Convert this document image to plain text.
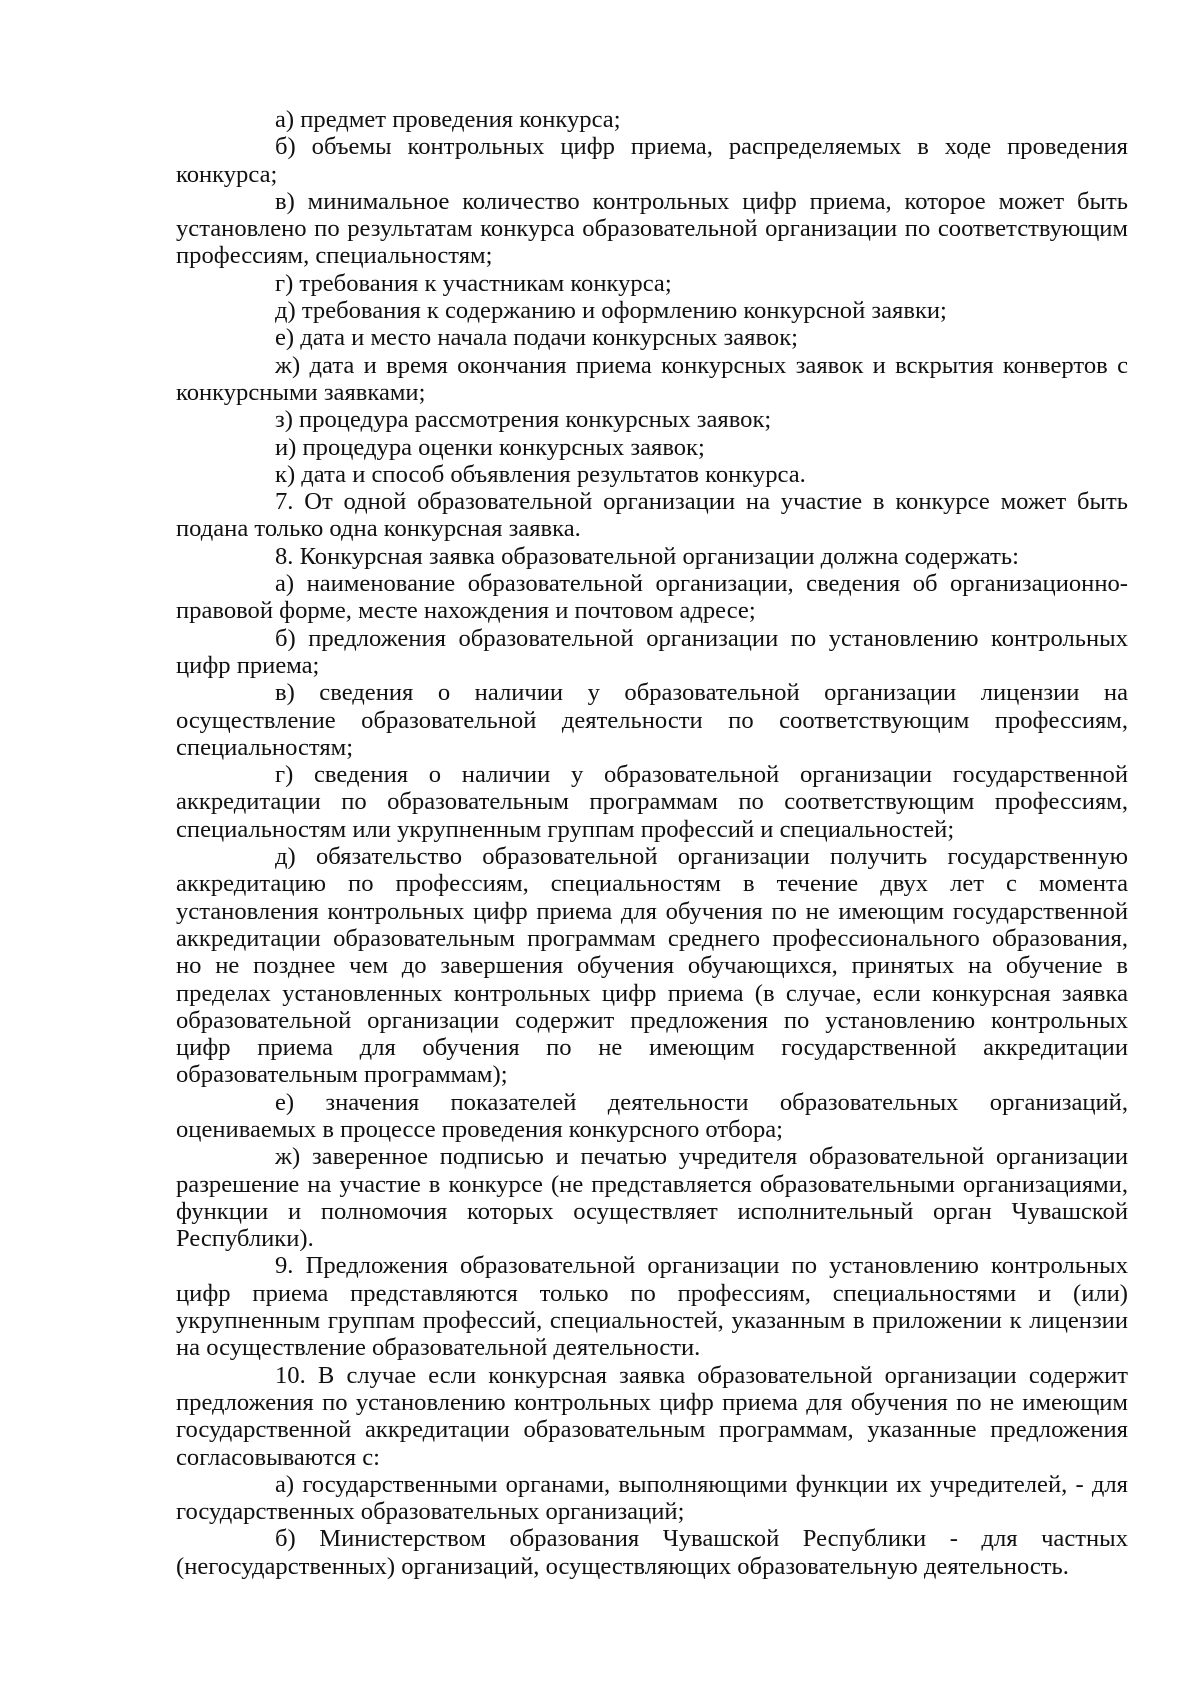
а) предмет проведения конкурса;

б) объемы контрольных цифр приема, распределяемых в ходе проведения конкурса;

в) минимальное количество контрольных цифр приема, которое может быть установлено по результатам конкурса образовательной организации по соответствующим профессиям, специальностям;

г) требования к участникам конкурса;

д) требования к содержанию и оформлению конкурсной заявки;

е) дата и место начала подачи конкурсных заявок;

ж) дата и время окончания приема конкурсных заявок и вскрытия конвертов с конкурсными заявками;

з) процедура рассмотрения конкурсных заявок;

и) процедура оценки конкурсных заявок;

к) дата и способ объявления результатов конкурса.

7. От одной образовательной организации на участие в конкурсе может быть подана только одна конкурсная заявка.

8. Конкурсная заявка образовательной организации должна содержать:

а) наименование образовательной организации, сведения об организационно-правовой форме, месте нахождения и почтовом адресе;

б) предложения образовательной организации по установлению контрольных цифр приема;

в) сведения о наличии у образовательной организации лицензии на осуществление образовательной деятельности по соответствующим профессиям, специальностям;

г) сведения о наличии у образовательной организации государственной аккредитации по образовательным программам по соответствующим профессиям, специальностям или укрупненным группам профессий и специальностей;

д) обязательство образовательной организации получить государственную аккредитацию по профессиям, специальностям в течение двух лет с момента установления контрольных цифр приема для обучения по не имеющим государственной аккредитации образовательным программам среднего профессионального образования, но не позднее чем до завершения обучения обучающихся, принятых на обучение в пределах установленных контрольных цифр приема (в случае, если конкурсная заявка образовательной организации содержит предложения по установлению контрольных цифр приема для обучения по не имеющим государственной аккредитации образовательным программам);

е) значения показателей деятельности образовательных организаций, оцениваемых в процессе проведения конкурсного отбора;

ж) заверенное подписью и печатью учредителя образовательной организации разрешение на участие в конкурсе (не представляется образовательными организациями, функции и полномочия которых осуществляет исполнительный орган Чувашской Республики).

9. Предложения образовательной организации по установлению контрольных цифр приема представляются только по профессиям, специальностями и (или) укрупненным группам профессий, специальностей, указанным в приложении к лицензии на осуществление образовательной деятельности.

10. В случае если конкурсная заявка образовательной организации содержит предложения по установлению контрольных цифр приема для обучения по не имеющим государственной аккредитации образовательным программам, указанные предложения согласовываются с:

а) государственными органами, выполняющими функции их учредителей, - для государственных образовательных организаций;

б) Министерством образования Чувашской Республики - для частных (негосударственных) организаций, осуществляющих образовательную деятельность.
